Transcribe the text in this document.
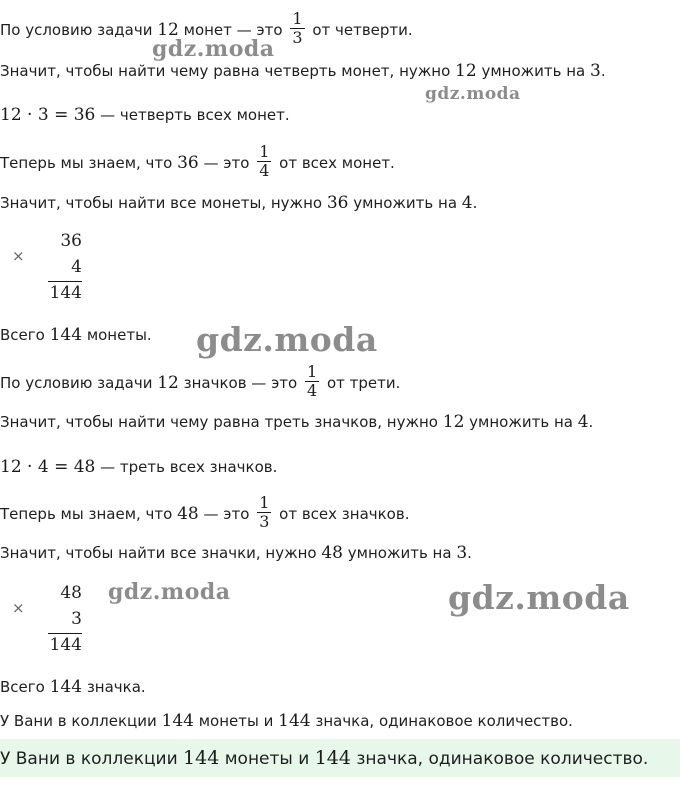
По условию задачи 12 монет — это $\frac{1}{3}$ от четверти.
Значит, чтобы найти чему равна четверть монет, нужно 12 умножить на 3.
12 · 3 = 36 — четверть всех монет.
Теперь мы знаем, что 36 — это $\frac{1}{4}$ от всех монет.
Значит, чтобы найти все монеты, нужно 36 умножить на 4.
×
36
4
144
Всего 144 монеты.
По условию задачи 12 значков — это $\frac{1}{4}$ от трети.
Значит, чтобы найти чему равна треть значков, нужно 12 умножить на 4.
12 · 4 = 48 — треть всех значков.
Теперь мы знаем, что 48 — это $\frac{1}{3}$ от всех значков.
Значит, чтобы найти все значки, нужно 48 умножить на 3.
×
48
3
144
Всего 144 значка.
У Вани в коллекции 144 монеты и 144 значка, одинаковое количество.
У Вани в коллекции 144 монеты и 144 значка, одинаковое количество.
gdz.moda
gdz.moda
gdz.moda
gdz.moda	gdz.moda
